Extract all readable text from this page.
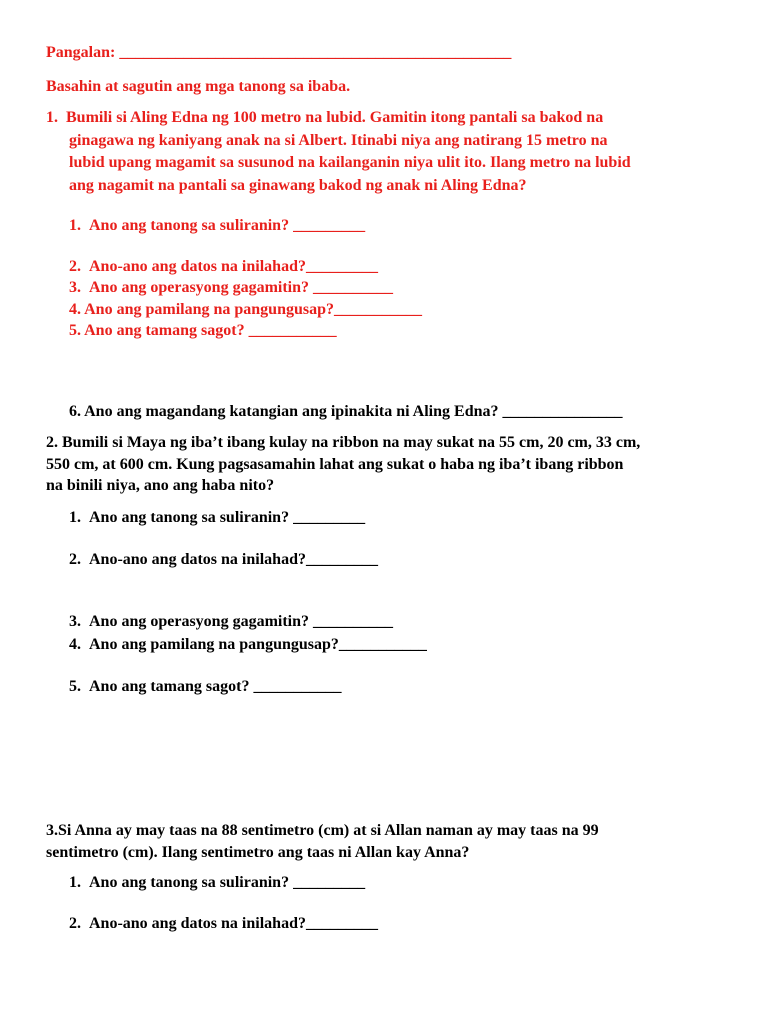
Pangalan: _________________________________________________
Basahin at sagutin ang mga tanong sa ibaba.
1.  Bumili si Aling Edna ng 100 metro na lubid. Gamitin itong pantali sa bakod na
ginagawa ng kaniyang anak na si Albert. Itinabi niya ang natirang 15 metro na
lubid upang magamit sa susunod na kailanganin niya ulit ito. Ilang metro na lubid
ang nagamit na pantali sa ginawang bakod ng anak ni Aling Edna?
1.  Ano ang tanong sa suliranin? _________
2.  Ano-ano ang datos na inilahad?_________
3.  Ano ang operasyong gagamitin? __________
4. Ano ang pamilang na pangungusap?___________
5. Ano ang tamang sagot? ___________
6. Ano ang magandang katangian ang ipinakita ni Aling Edna? _______________
2. Bumili si Maya ng iba’t ibang kulay na ribbon na may sukat na 55 cm, 20 cm, 33 cm,
550 cm, at 600 cm. Kung pagsasamahin lahat ang sukat o haba ng iba’t ibang ribbon
na binili niya, ano ang haba nito?
1.  Ano ang tanong sa suliranin? _________
2.  Ano-ano ang datos na inilahad?_________
3.  Ano ang operasyong gagamitin? __________
4.  Ano ang pamilang na pangungusap?___________
5.  Ano ang tamang sagot? ___________
3.Si Anna ay may taas na 88 sentimetro (cm) at si Allan naman ay may taas na 99
sentimetro (cm). Ilang sentimetro ang taas ni Allan kay Anna?
1.  Ano ang tanong sa suliranin? _________
2.  Ano-ano ang datos na inilahad?_________
